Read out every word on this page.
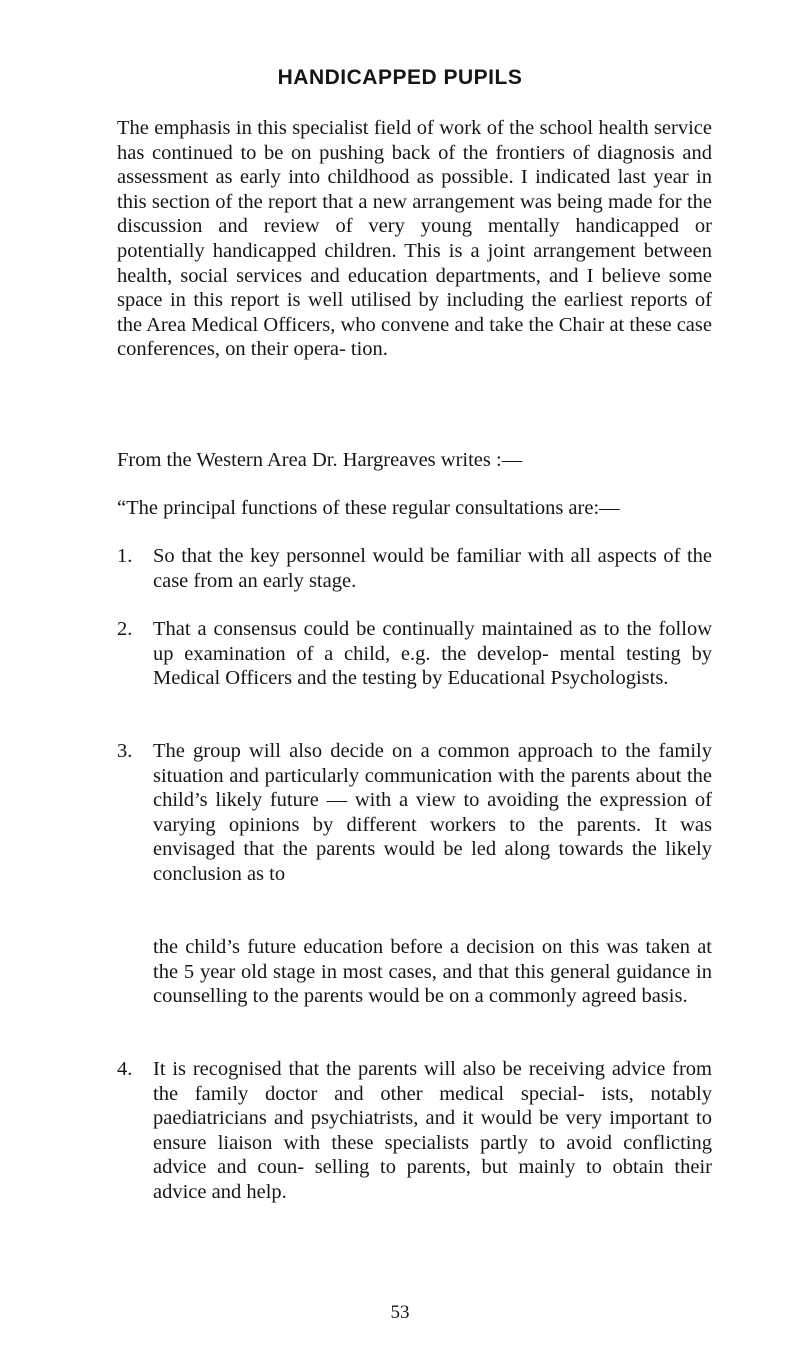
HANDICAPPED PUPILS

The emphasis in this specialist field of work of the school health service has continued to be on pushing back of the frontiers of diagnosis and assessment as early into childhood as possible. I indicated last year in this section of the report that a new arrangement was being made for the discussion and review of very young mentally handicapped or potentially handicapped children. This is a joint arrangement between health, social services and education departments, and I believe some space in this report is well utilised by including the earliest reports of the Area Medical Officers, who convene and take the Chair at these case conferences, on their opera- tion.

From the Western Area Dr. Hargreaves writes :—

“The principal functions of these regular consultations are:—

1. So that the key personnel would be familiar with all aspects of the case from an early stage.

2. That a consensus could be continually maintained as to the follow up examination of a child, e.g. the develop- mental testing by Medical Officers and the testing by Educational Psychologists.

3. The group will also decide on a common approach to the family situation and particularly communication with the parents about the child’s likely future — with a view to avoiding the expression of varying opinions by different workers to the parents. It was envisaged that the parents would be led along towards the likely conclusion as to

the child’s future education before a decision on this was taken at the 5 year old stage in most cases, and that this general guidance in counselling to the parents would be on a commonly agreed basis.

4. It is recognised that the parents will also be receiving advice from the family doctor and other medical special- ists, notably paediatricians and psychiatrists, and it would be very important to ensure liaison with these specialists partly to avoid conflicting advice and coun- selling to parents, but mainly to obtain their advice and help.

53
